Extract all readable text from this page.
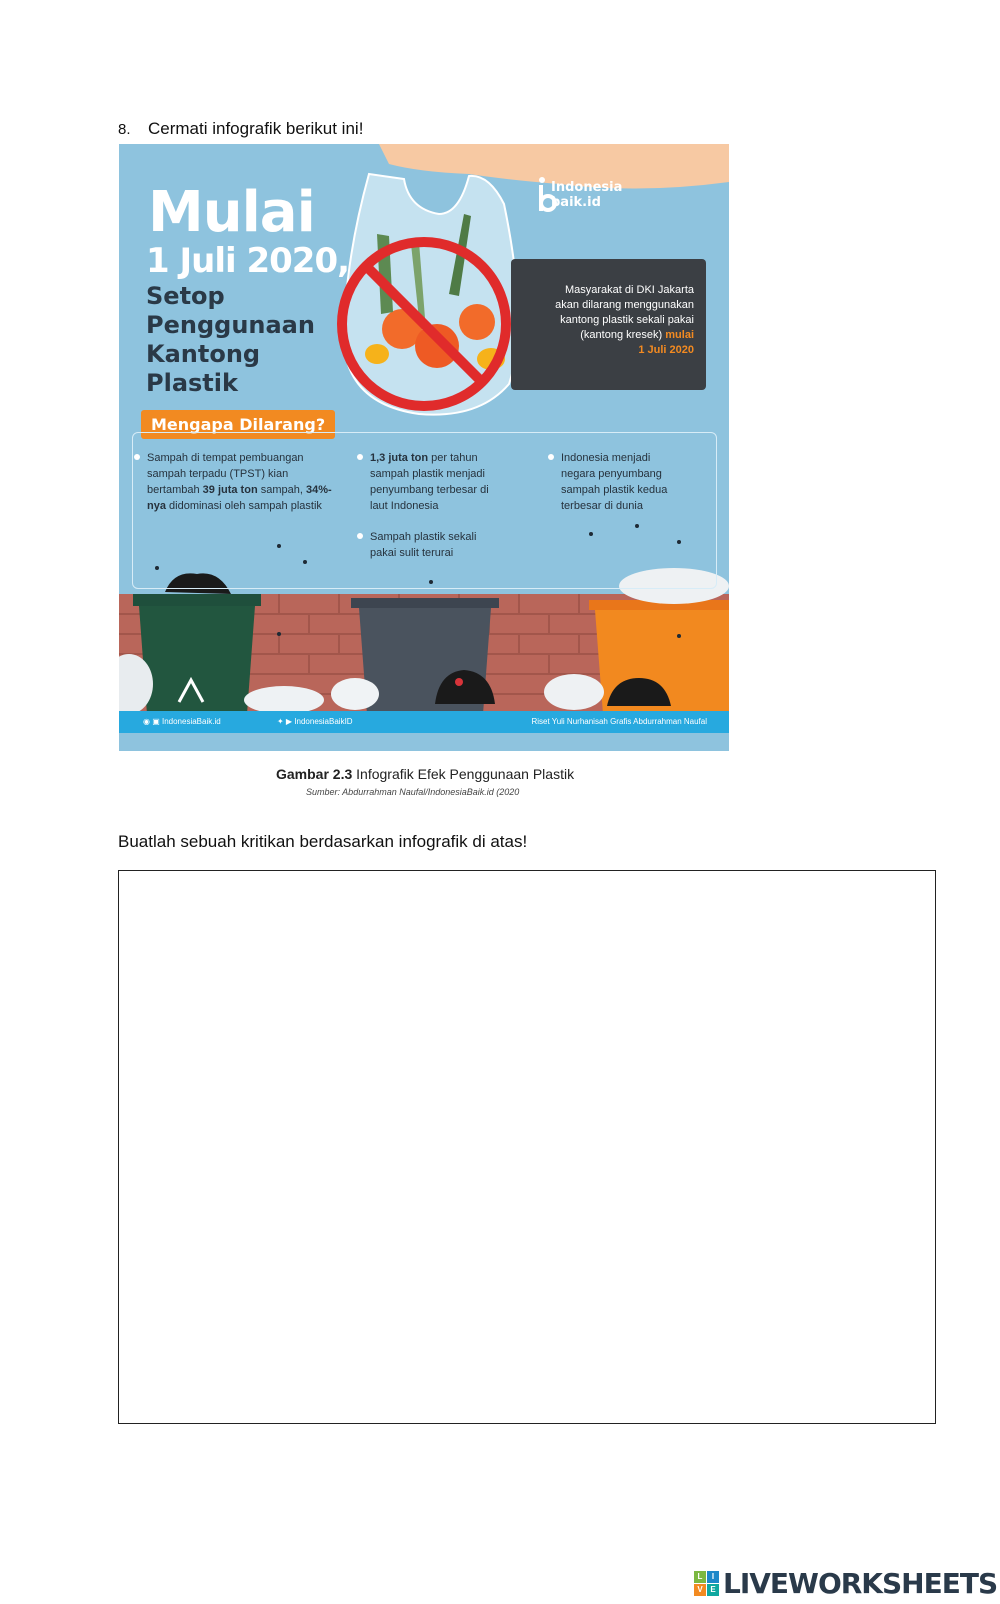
8. Cermati infografik berikut ini!
Mulai
1 Juli 2020,
Setop Penggunaan Kantong Plastik
Indonesia
baik.id
Masyarakat di DKI Jakarta
akan dilarang menggunakan
kantong plastik sekali pakai
(kantong kresek) mulai
1 Juli 2020
Mengapa Dilarang?
Sampah di tempat pembuangan sampah terpadu (TPST) kian bertambah 39 juta ton sampah, 34%-nya didominasi oleh sampah plastik
1,3 juta ton per tahun sampah plastik menjadi penyumbang terbesar di laut Indonesia
Sampah plastik sekali pakai sulit terurai
Indonesia menjadi negara penyumbang sampah plastik kedua terbesar di dunia
◉ ▣ IndonesiaBaik.id	✦ ▶ IndonesiaBaikID	Riset Yuli Nurhanisah Grafis Abdurrahman Naufal
Gambar 2.3 Infografik Efek Penggunaan Plastik
Sumber: Abdurrahman Naufal/IndonesiaBaik.id (2020
Buatlah sebuah kritikan berdasarkan infografik di atas!
L	I
V E LIVEWORKSHEETS
